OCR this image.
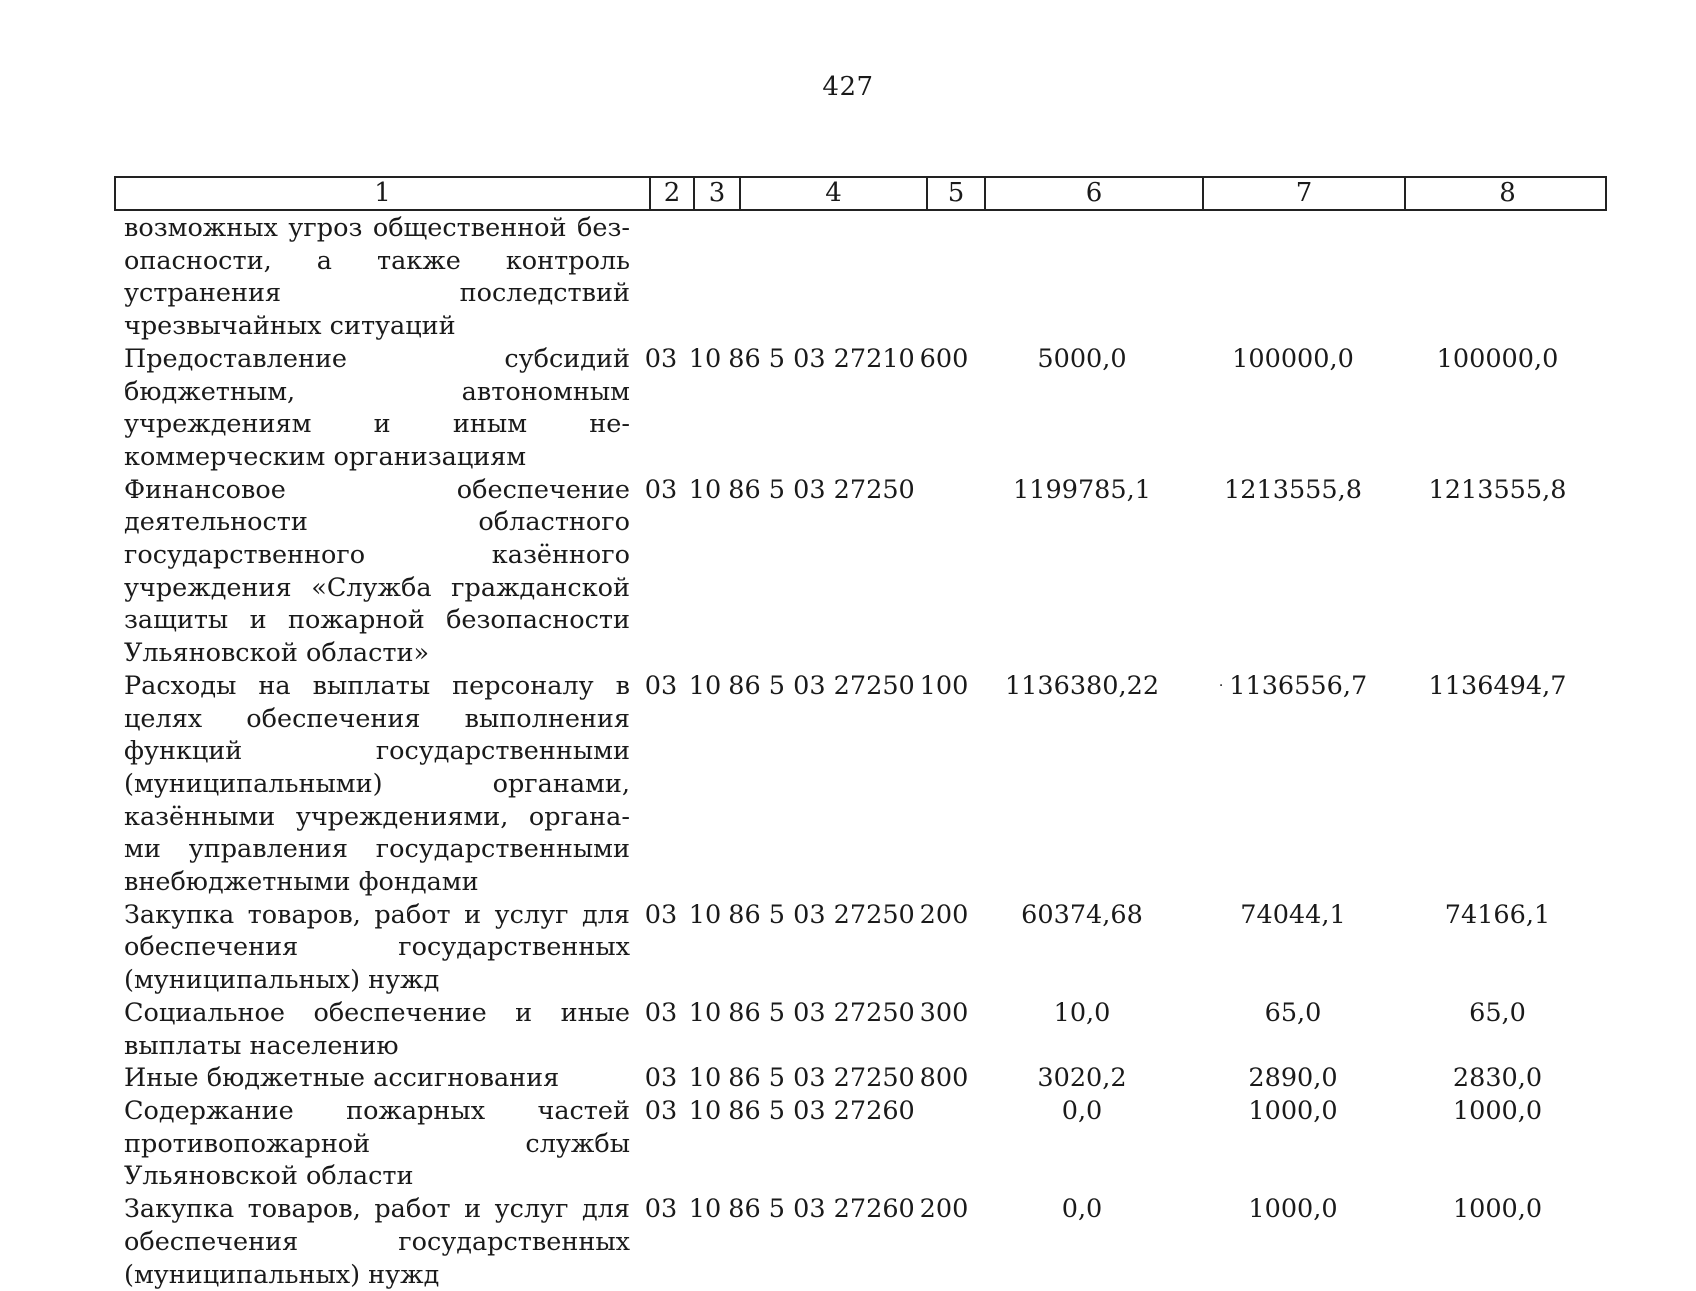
427
1	2	3	4	5	6	7	8
возможных угроз общественной безопасности, а также контроль устранения последствий чрезвычайных ситуаций
Предоставление субсидий бюджетным, автономным учреждениям и иным некоммерческим организациям
03 10 86 5 03 27210 600	5000,0	100000,0	100000,0
Финансовое обеспечение деятельности областного государственного казённого учреждения «Служба гражданской защиты и пожарной безопасности Ульяновской области»
03 10 86 5 03 27250	1199785,1	1213555,8	1213555,8
Расходы на выплаты персоналу в целях обеспечения выполнения функций государственными (муниципальными) органами, казёнными учреждениями, органами управления государственными внебюджетными фондами
03 10 86 5 03 27250 100	1136380,22	· 1136556,7	1136494,7
Закупка товаров, работ и услуг для обеспечения государственных (муниципальных) нужд
03 10 86 5 03 27250 200	60374,68	74044,1	74166,1
Социальное обеспечение и иные выплаты населению
03 10 86 5 03 27250 300	10,0	65,0	65,0
Иные бюджетные ассигнования	03 10 86 5 03 27250 800	3020,2	2890,0	2830,0
Содержание пожарных частей противопожарной службы Ульяновской области
03 10 86 5 03 27260	0,0	1000,0	1000,0
Закупка товаров, работ и услуг для обеспечения государственных (муниципальных) нужд
03 10 86 5 03 27260 200	0,0	1000,0	1000,0
